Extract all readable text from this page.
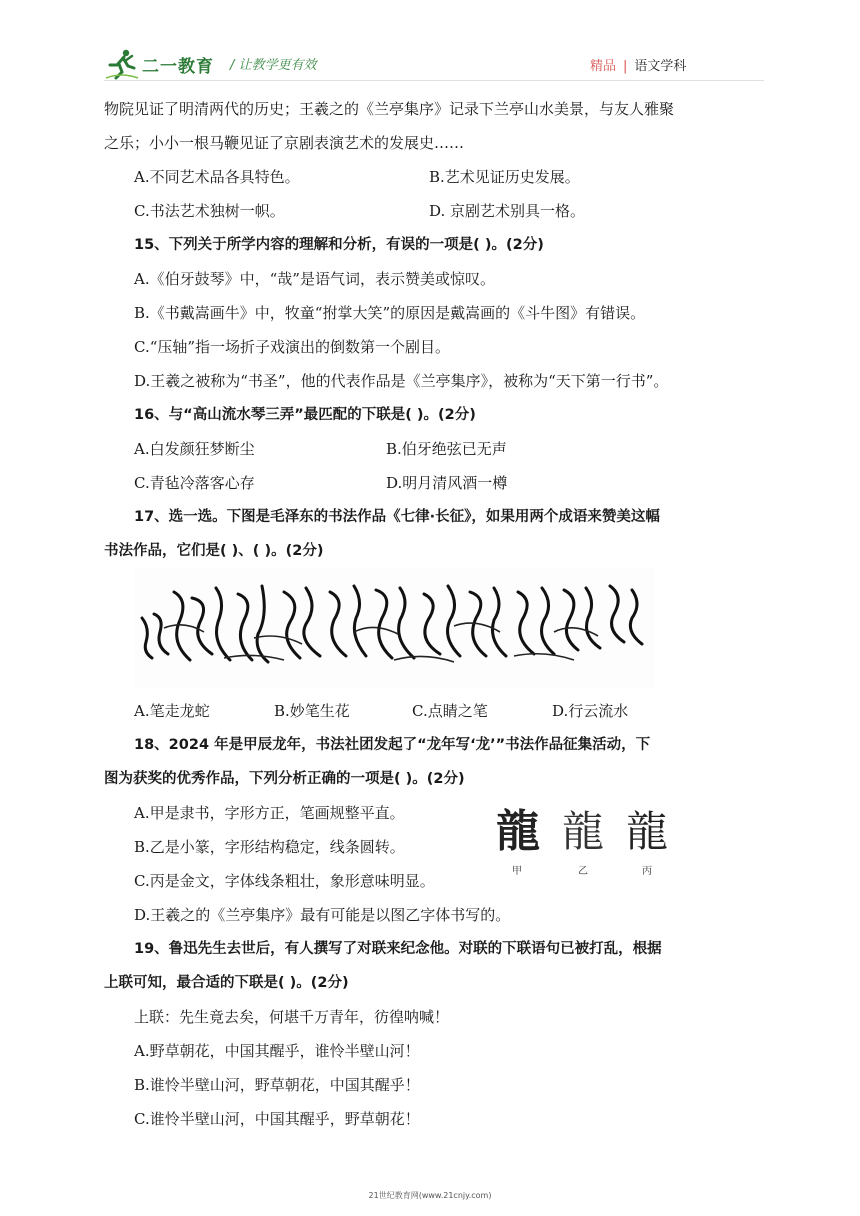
二一教育 / 让教学更有效	精品 | 语文学科
物院见证了明清两代的历史；王羲之的《兰亭集序》记录下兰亭山水美景，与友人雅聚
之乐；小小一根马鞭见证了京剧表演艺术的发展史……
A.不同艺术品各具特色。	B.艺术见证历史发展。
C.书法艺术独树一帜。	D. 京剧艺术别具一格。
15、下列关于所学内容的理解和分析，有误的一项是( )。(2分)
A.《伯牙鼓琴》中，“哉”是语气词，表示赞美或惊叹。
B.《书戴嵩画牛》中，牧童“拊掌大笑”的原因是戴嵩画的《斗牛图》有错误。
C.“压轴”指一场折子戏演出的倒数第一个剧目。
D.王羲之被称为“书圣”，他的代表作品是《兰亭集序》，被称为“天下第一行书”。
16、与“高山流水琴三弄”最匹配的下联是( )。(2分)
A.白发颜狂梦断尘	B.伯牙绝弦已无声
C.青毡冷落客心存	D.明月清风酒一樽
17、选一选。下图是毛泽东的书法作品《七律·长征》，如果用两个成语来赞美这幅
书法作品，它们是( )、( )。(2分)
A.笔走龙蛇	B.妙笔生花	C.点睛之笔	D.行云流水
18、2024 年是甲辰龙年，书法社团发起了“龙年写‘龙’”书法作品征集活动，下
图为获奖的优秀作品，下列分析正确的一项是( )。(2分)
龍 龍 龍
甲	乙	丙
A.甲是隶书，字形方正，笔画规整平直。
B.乙是小篆，字形结构稳定，线条圆转。
C.丙是金文，字体线条粗壮，象形意味明显。
D.王羲之的《兰亭集序》最有可能是以图乙字体书写的。
19、鲁迅先生去世后，有人撰写了对联来纪念他。对联的下联语句已被打乱，根据
上联可知，最合适的下联是( )。(2分)
上联：先生竟去矣，何堪千万青年，彷徨呐喊！
A.野草朝花，中国其醒乎，谁怜半壁山河！
B.谁怜半壁山河，野草朝花，中国其醒乎！
C.谁怜半壁山河，中国其醒乎，野草朝花！
21世纪教育网(www.21cnjy.com)
